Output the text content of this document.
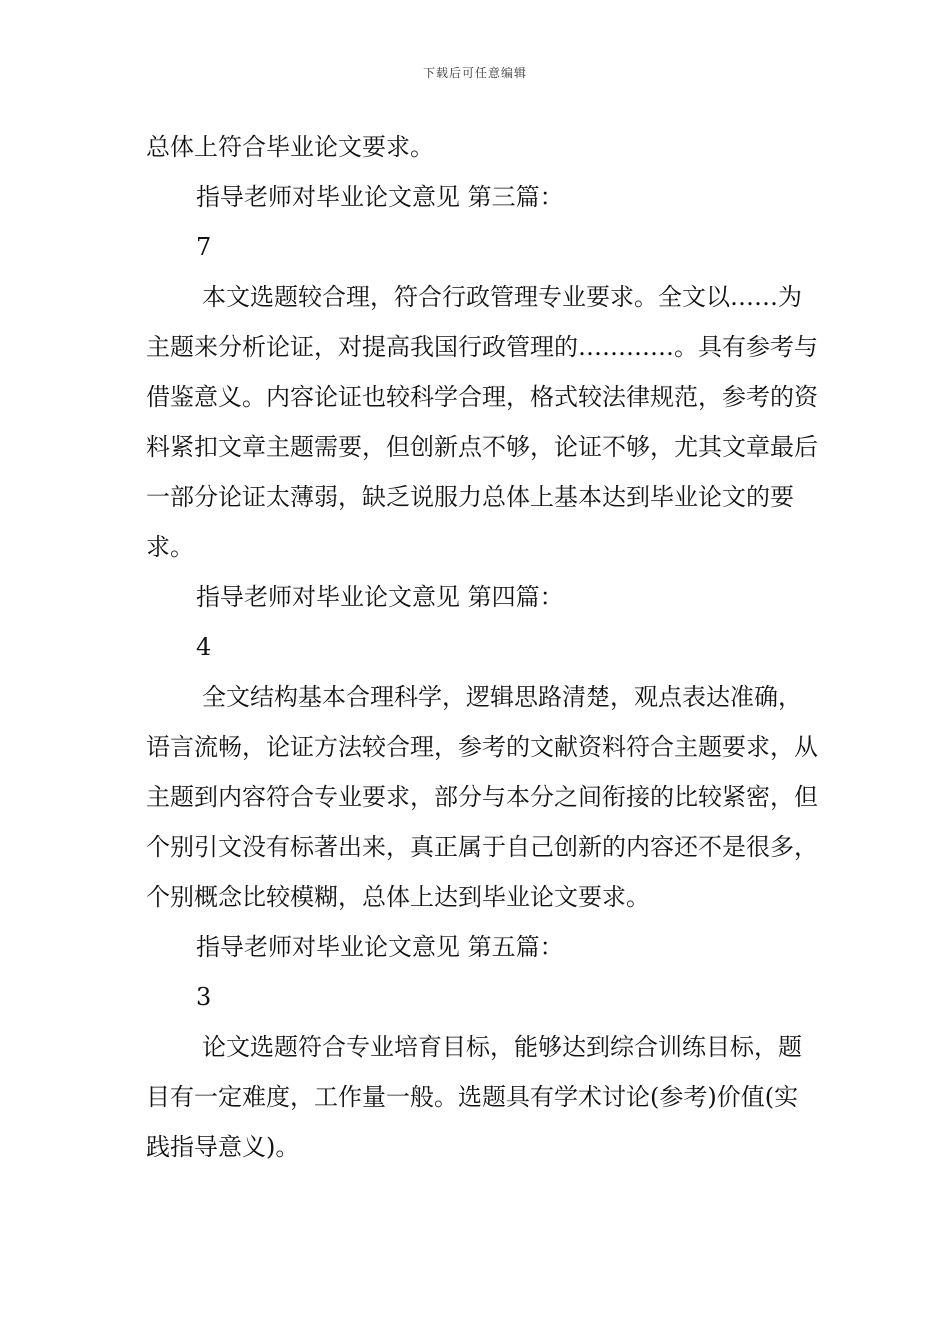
下载后可任意编辑

总体上符合毕业论文要求。

指导老师对毕业论文意见 第三篇：

7

本文选题较合理，符合行政管理专业要求。全文以……为主题来分析论证，对提高我国行政管理的…………。具有参考与借鉴意义。内容论证也较科学合理，格式较法律规范，参考的资料紧扣文章主题需要，但创新点不够，论证不够，尤其文章最后一部分论证太薄弱，缺乏说服力总体上基本达到毕业论文的要求。

指导老师对毕业论文意见 第四篇：

4

全文结构基本合理科学，逻辑思路清楚，观点表达准确，语言流畅，论证方法较合理，参考的文献资料符合主题要求，从主题到内容符合专业要求，部分与本分之间衔接的比较紧密，但个别引文没有标著出来，真正属于自己创新的内容还不是很多，个别概念比较模糊，总体上达到毕业论文要求。

指导老师对毕业论文意见 第五篇：

3

论文选题符合专业培育目标，能够达到综合训练目标，题目有一定难度，工作量一般。选题具有学术讨论(参考)价值(实践指导意义)。
